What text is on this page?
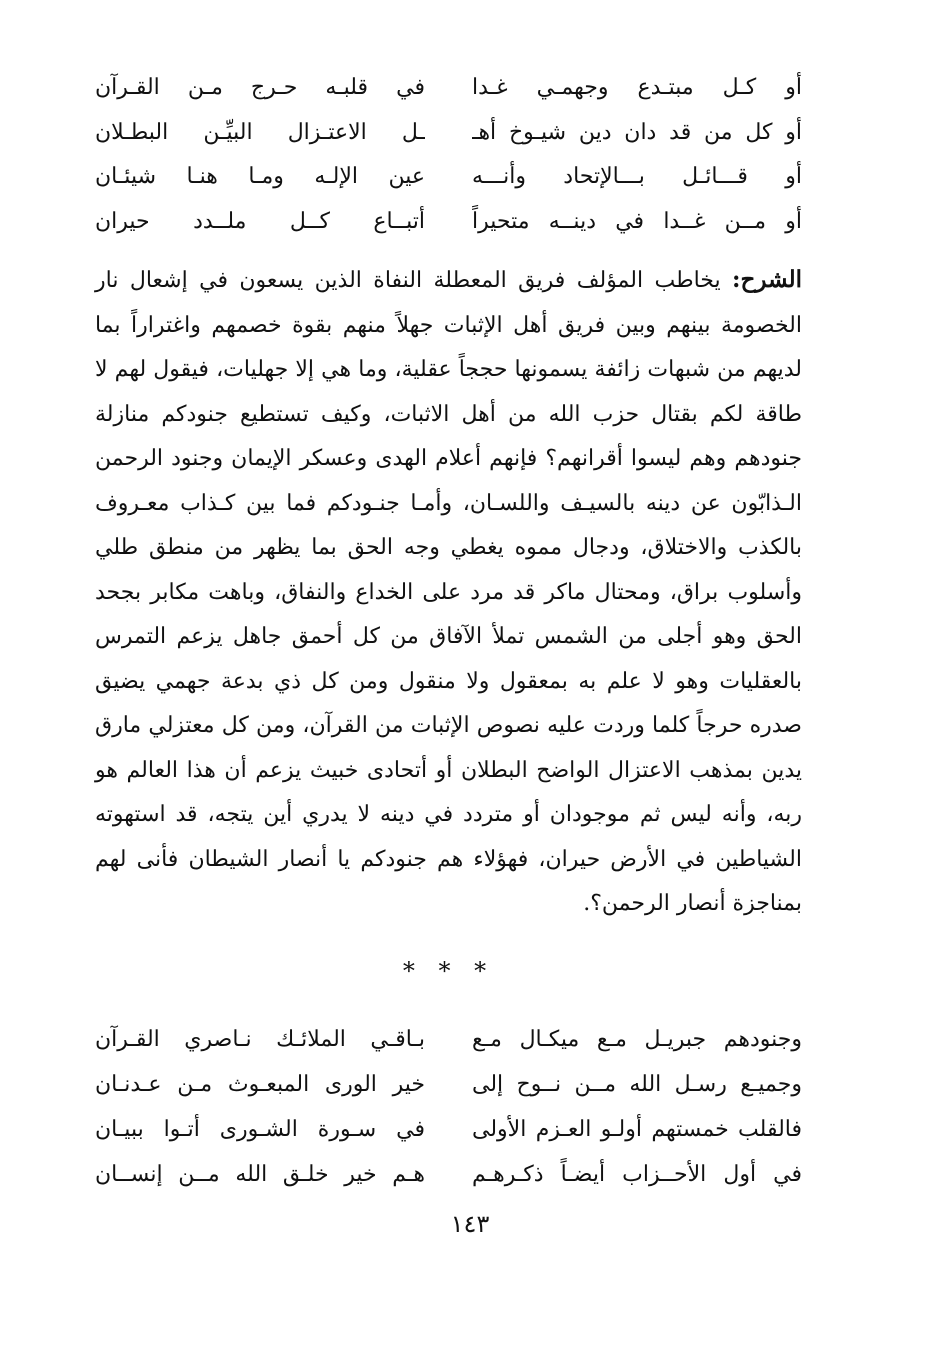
أو كـل مبتـدع وجهمـي غـدا
في قلبـه حـرج مـن القـرآن
أو كل من قد دان دين شيـوخ أهـ
ـل الاعتـزال البيِّـن البطـلان
أو قـــائـل بـــالإتحاد وأنـــه
عين الإلـه ومـا هنـا شيئـان
أو مــن غــدا في دينــه متحيراً
أتبــاع كــل ملــدد حيران

الشرح: يخاطب المؤلف فريق المعطلة النفاة الذين يسعون في إشعال نار الخصومة بينهم وبين فريق أهل الإثبات جهلاً منهم بقوة خصمهم واغتراراً بما لديهم من شبهات زائفة يسمونها حججاً عقلية، وما هي إلا جهليات، فيقول لهم لا طاقة لكم بقتال حزب الله من أهل الاثبات، وكيف تستطيع جنودكم منازلة جنودهم وهم ليسوا أقرانهم؟ فإنهم أعلام الهدى وعسكر الإيمان وجنود الرحمن الـذابّون عن دينه بالسيـف واللسـان، وأمـا جنـودكم فما بين كـذاب معـروف بالكذب والاختلاق، ودجال مموه يغطي وجه الحق بما يظهر من منطق طلي وأسلوب براق، ومحتال ماكر قد مرد على الخداع والنفاق، وباهت مكابر بجحد الحق وهو أجلى من الشمس تملأ الآفاق من كل أحمق جاهل يزعم التمرس بالعقليات وهو لا علم به بمعقول ولا منقول ومن كل ذي بدعة جهمي يضيق صدره حرجاً كلما وردت عليه نصوص الإثبات من القرآن، ومن كل معتزلي مارق يدين بمذهب الاعتزال الواضح البطلان أو أتحادى خبيث يزعم أن هذا العالم هو ربه، وأنه ليس ثم موجودان أو متردد في دينه لا يدري أين يتجه، قد استهوته الشياطين في الأرض حيران، فهؤلاء هم جنودكم يا أنصار الشيطان فأنى لهم بمناجزة أنصار الرحمن؟.

* * *
وجنودهم جبريـل مـع ميكـال مـع
بـاقـي الملائـك نـاصري القـرآن
وجميـع رسـل الله مــن نــوح إلى
خير الورى المبعـوث مـن عـدنـان
فالقلب خمستهم أولـو العـزم الأولى
في سـورة الشـورى أتـوا ببيـان
في أول الأحــزاب أيضـاً ذكـرهـم
هـم خير خلـق الله مــن إنســان
١٤٣
